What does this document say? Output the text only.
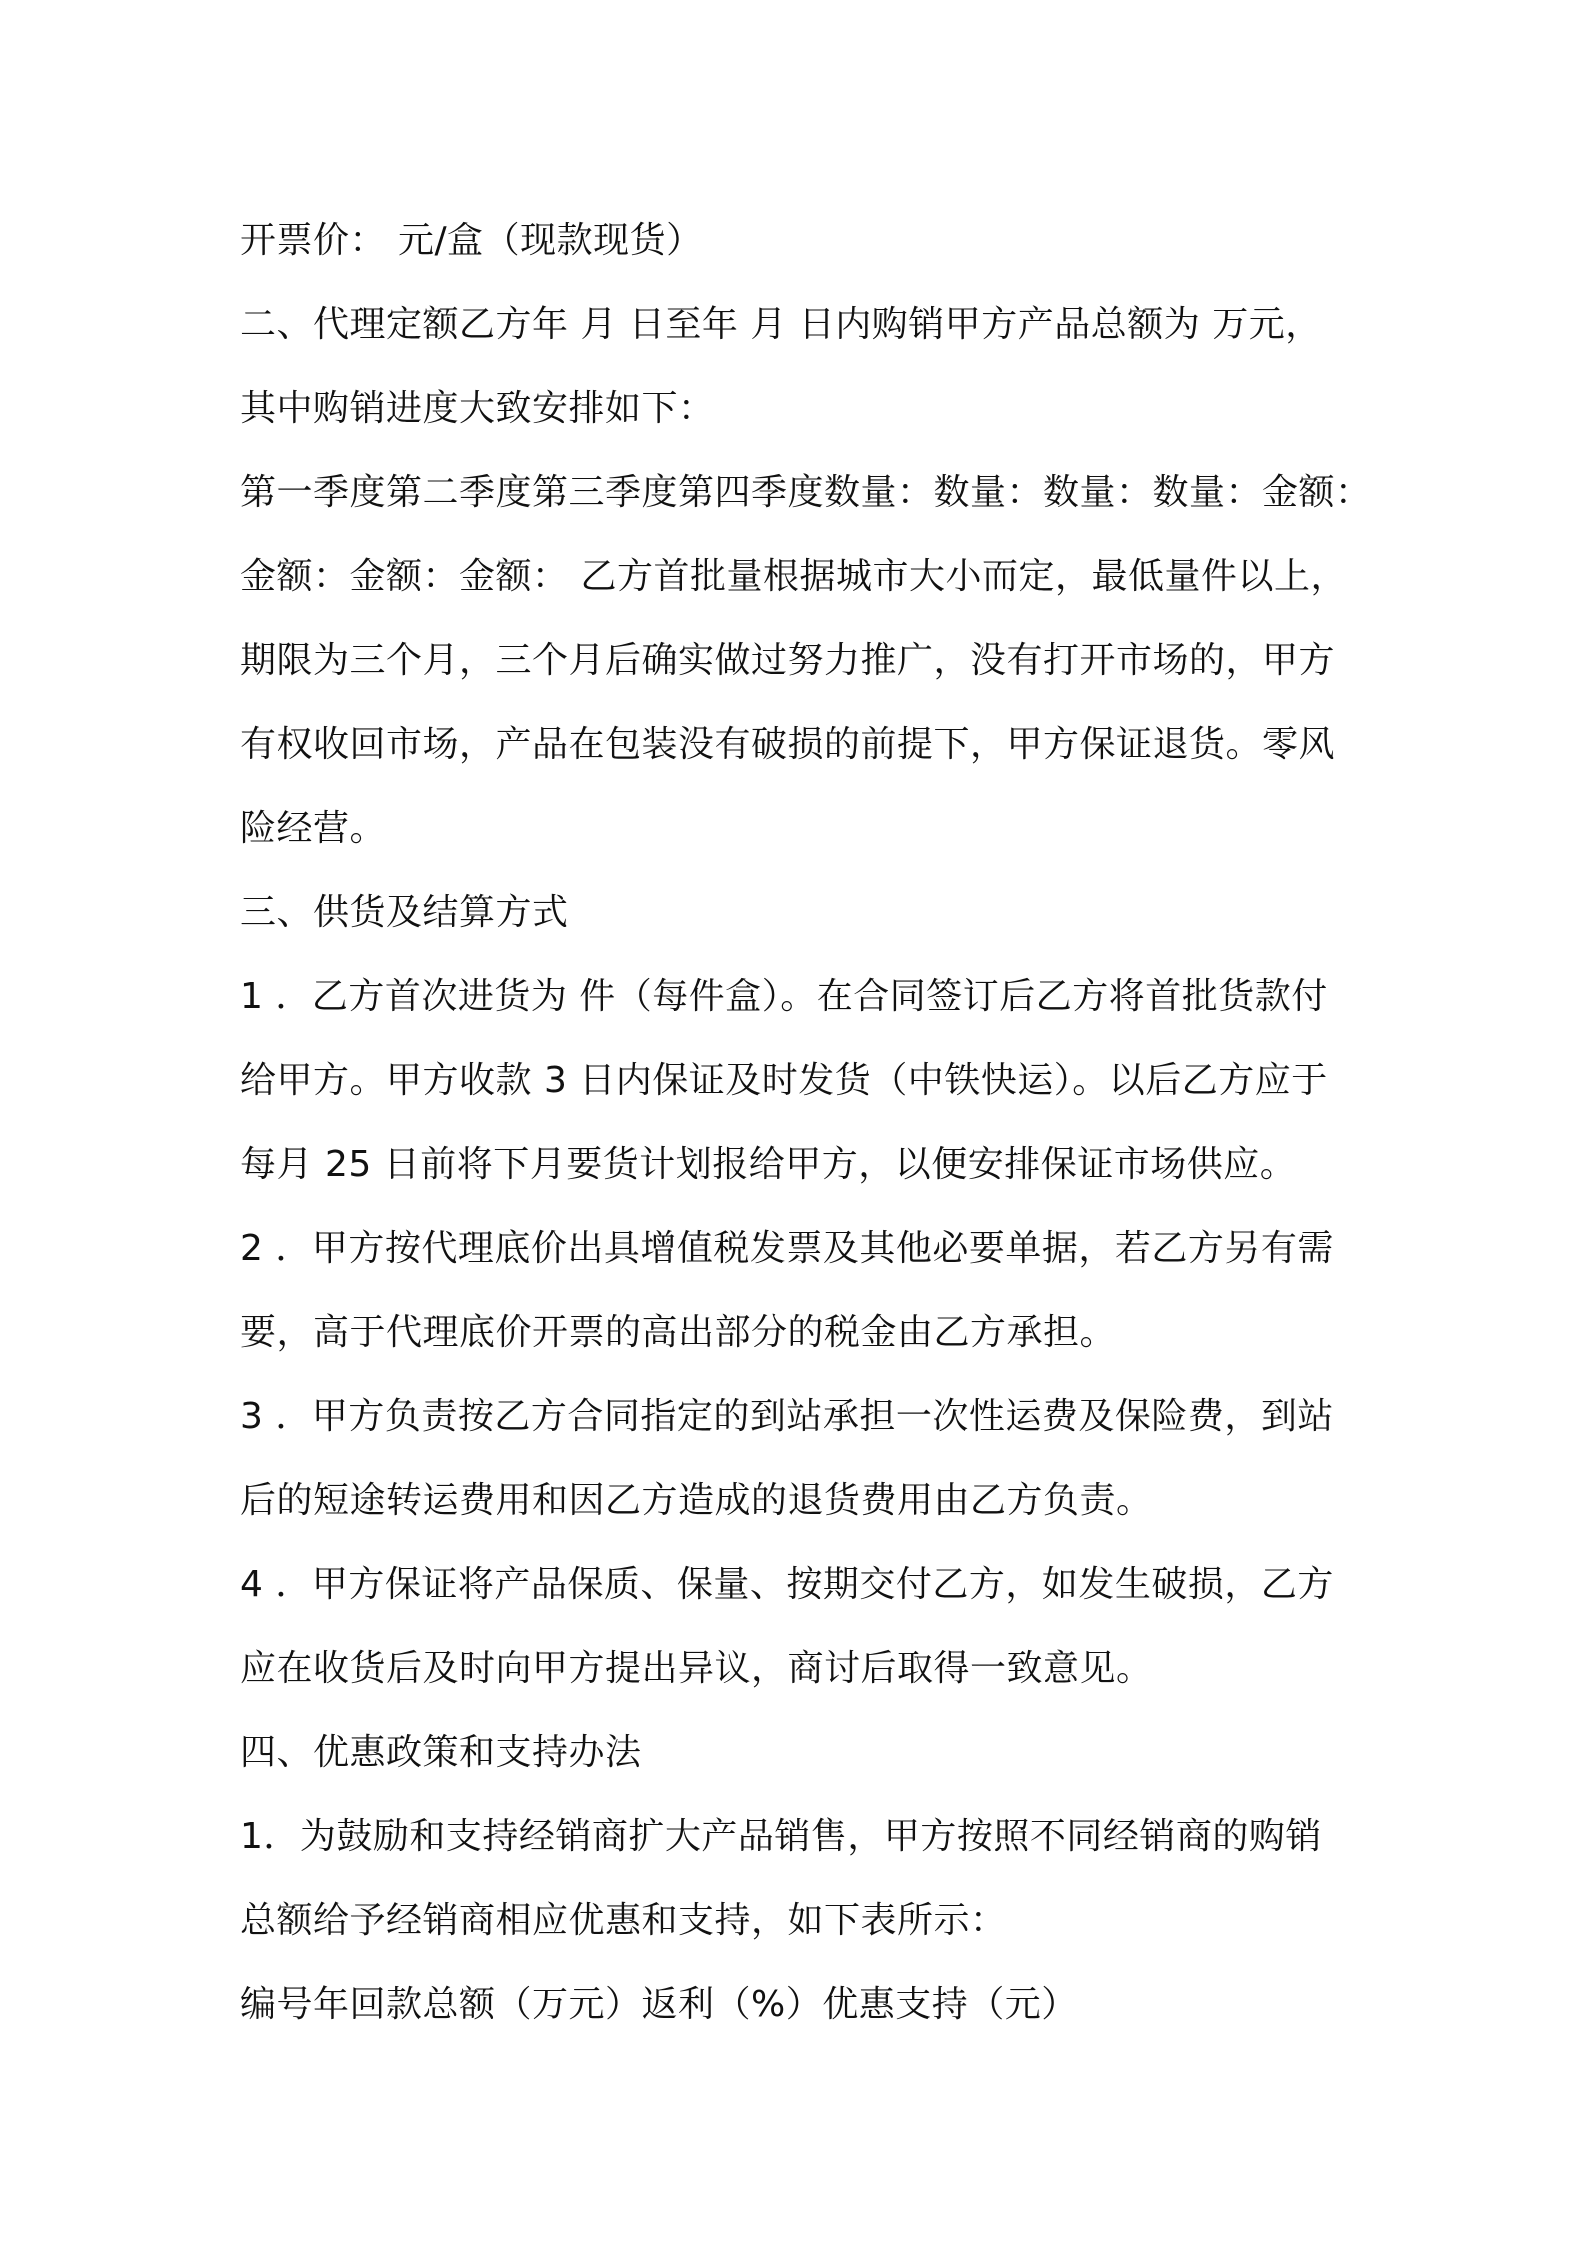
开票价： 元/盒（现款现货）
二、代理定额乙方年 月 日至年 月 日内购销甲方产品总额为 万元，
其中购销进度大致安排如下：
第一季度第二季度第三季度第四季度数量：数量：数量：数量：金额：
金额：金额：金额： 乙方首批量根据城市大小而定，最低量件以上，
期限为三个月，三个月后确实做过努力推广，没有打开市场的，甲方
有权收回市场，产品在包装没有破损的前提下，甲方保证退货。零风
险经营。
三、供货及结算方式
1 ．乙方首次进货为 件（每件盒）。在合同签订后乙方将首批货款付
给甲方。甲方收款 3 日内保证及时发货（中铁快运）。以后乙方应于
每月 25 日前将下月要货计划报给甲方，以便安排保证市场供应。
2 ．甲方按代理底价出具增值税发票及其他必要单据，若乙方另有需
要，高于代理底价开票的高出部分的税金由乙方承担。
3 ．甲方负责按乙方合同指定的到站承担一次性运费及保险费，到站
后的短途转运费用和因乙方造成的退货费用由乙方负责。
4 ．甲方保证将产品保质、保量、按期交付乙方，如发生破损，乙方
应在收货后及时向甲方提出异议，商讨后取得一致意见。
四、优惠政策和支持办法
1．为鼓励和支持经销商扩大产品销售，甲方按照不同经销商的购销
总额给予经销商相应优惠和支持，如下表所示：
编号年回款总额（万元）返利（%）优惠支持（元）
